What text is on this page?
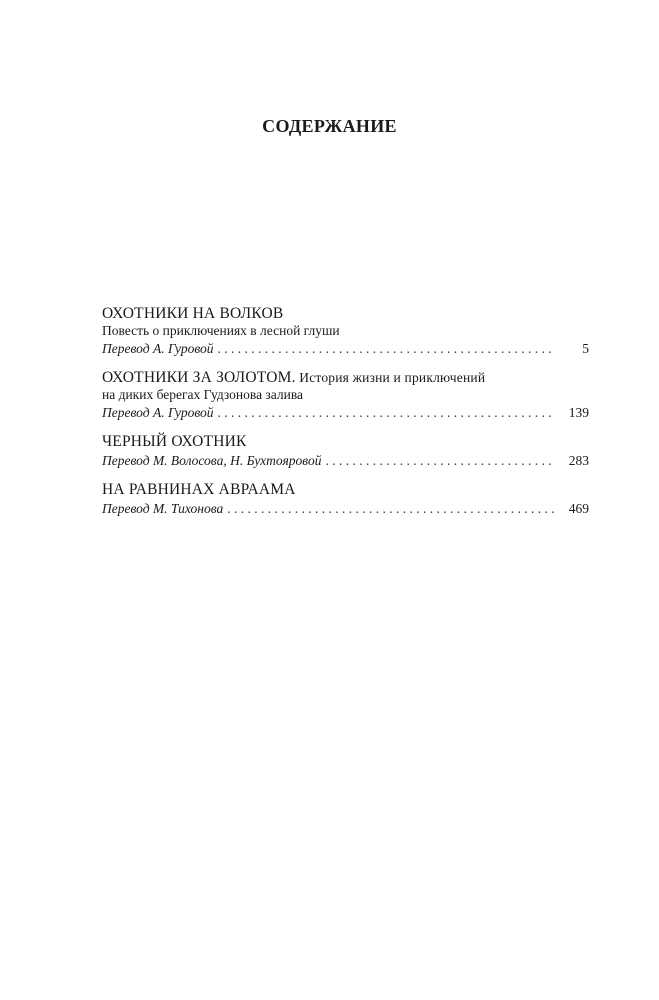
СОДЕРЖАНИЕ
ОХОТНИКИ НА ВОЛКОВ
Повесть о приключениях в лесной глуши
Перевод А. Гуровой . . .	5
ОХОТНИКИ ЗА ЗОЛОТОМ. История жизни и приключений
на диких берегах Гудзонова залива
Перевод А. Гуровой . . .	139
ЧЕРНЫЙ ОХОТНИК
Перевод М. Волосова, Н. Бухтояровой . . .	283
НА РАВНИНАХ АВРААМА
Перевод М. Тихонова . . .	469
